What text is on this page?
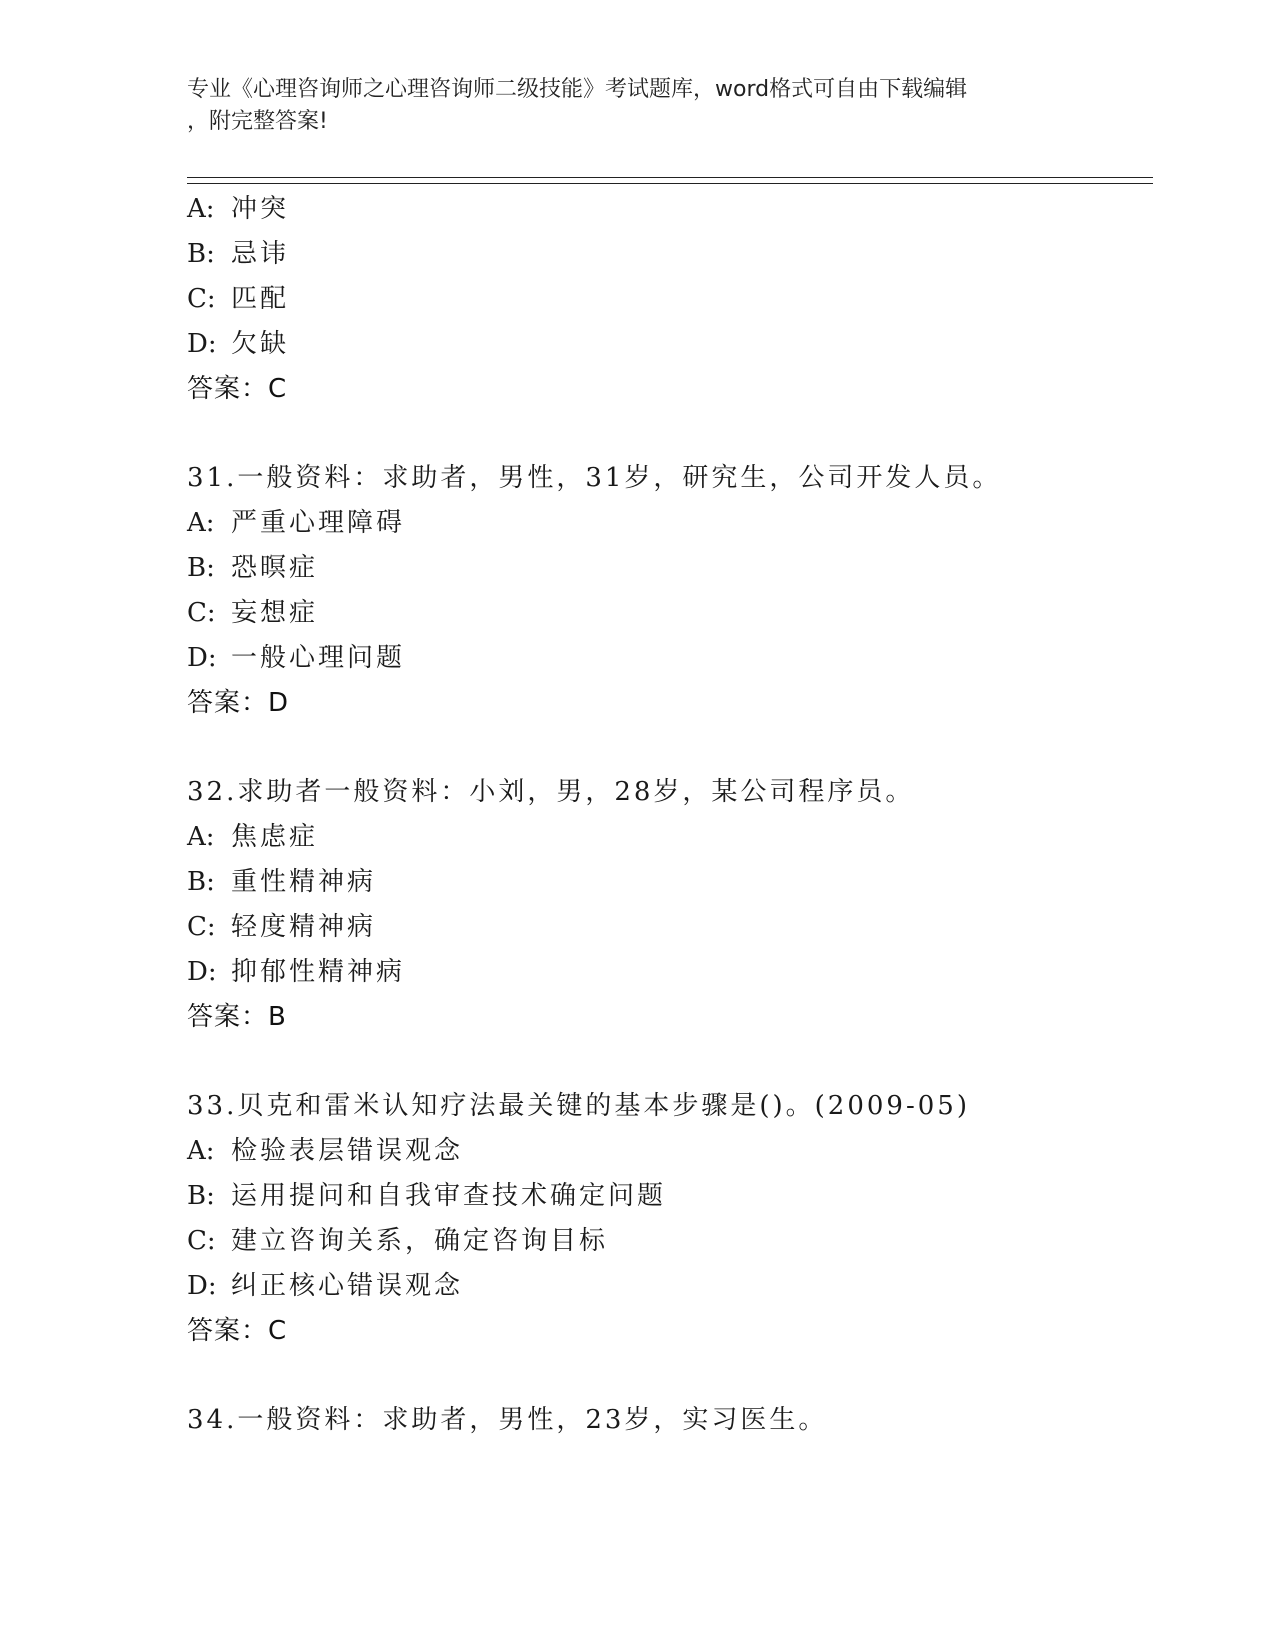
专业《心理咨询师之心理咨询师二级技能》考试题库，word格式可自由下载编辑
，附完整答案!
A: 冲突
B: 忌讳
C: 匹配
D: 欠缺
答案：C
31.一般资料：求助者，男性，31岁，研究生，公司开发人员。
A: 严重心理障碍
B: 恐暝症
C: 妄想症
D: 一般心理问题
答案：D
32.求助者一般资料：小刘，男，28岁，某公司程序员。
A: 焦虑症
B: 重性精神病
C: 轻度精神病
D: 抑郁性精神病
答案：B
33.贝克和雷米认知疗法最关键的基本步骤是()。(2009-05)
A: 检验表层错误观念
B: 运用提问和自我审查技术确定问题
C: 建立咨询关系，确定咨询目标
D: 纠正核心错误观念
答案：C
34.一般资料：求助者，男性，23岁，实习医生。
